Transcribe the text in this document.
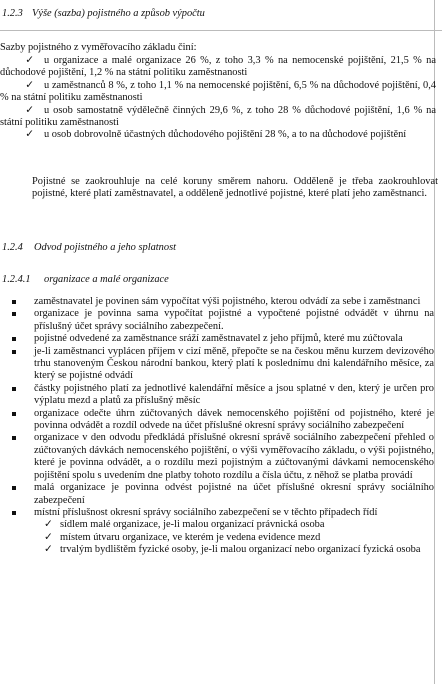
1.2.3 Výše (sazba) pojistného a způsob výpočtu
Sazby pojistného z vyměřovacího základu činí:
✓ u organizace a malé organizace 26 %, z toho 3,3 % na nemocenské pojištění, 21,5 % na důchodové pojištění, 1,2 % na státní politiku zaměstnanosti
✓ u zaměstnanců 8 %, z toho 1,1 % na nemocenské pojištění, 6,5 % na důchodové pojištění, 0,4 % na státní politiku zaměstnanosti
✓ u osob samostatně výdělečně činných 29,6 %, z toho 28 % důchodové pojištění, 1,6 % na státní politiku zaměstnanosti
✓ u osob dobrovolně účastných důchodového pojištění 28 %, a to na důchodové pojištění

Pojistné se zaokrouhluje na celé koruny směrem nahoru. Odděleně je třeba zaokrouhlovat pojistné, které platí zaměstnavatel, a odděleně jednotlivé pojistné, které platí jeho zaměstnanci.

1.2.4 Odvod pojistného a jeho splatnost
1.2.4.1 organizace a malé organizace
zaměstnavatel je povinen sám vypočítat výši pojistného, kterou odvádí za sebe i zaměstnanci
organizace je povinna sama vypočítat pojistné a vypočtené pojistné odvádět v úhrnu na příslušný účet správy sociálního zabezpečení.
pojistné odvedené za zaměstnance sráží zaměstnavatel z jeho příjmů, které mu zúčtovala
je-li zaměstnanci vyplácen příjem v cizí měně, přepočte se na českou měnu kurzem devizového trhu stanoveným Českou národní bankou, který platí k poslednímu dni kalendářního měsíce, za který se pojistné odvádí
částky pojistného platí za jednotlivé kalendářní měsíce a jsou splatné v den, který je určen pro výplatu mezd a platů za příslušný měsíc
organizace odečte úhrn zúčtovaných dávek nemocenského pojištění od pojistného, které je povinna odvádět a rozdíl odvede na účet příslušné okresní správy sociálního zabezpečení
organizace v den odvodu předkládá příslušné okresní správě sociálního zabezpečení přehled o zúčtovaných dávkách nemocenského pojištění, o výši vyměřovacího základu, o výši pojistného, které je povinna odvádět, a o rozdílu mezi pojistným a zúčtovanými dávkami nemocenského pojištění spolu s uvedením dne platby tohoto rozdílu a čísla účtu, z něhož se platba provádí
malá organizace je povinna odvést pojistné na účet příslušné okresní správy sociálního zabezpečení
místní příslušnost okresní správy sociálního zabezpečení se v těchto případech řídí
✓ sídlem malé organizace, je-li malou organizací právnická osoba
✓ místem útvaru organizace, ve kterém je vedena evidence mezd
✓ trvalým bydlištěm fyzické osoby, je-li malou organizací nebo organizací fyzická osoba
